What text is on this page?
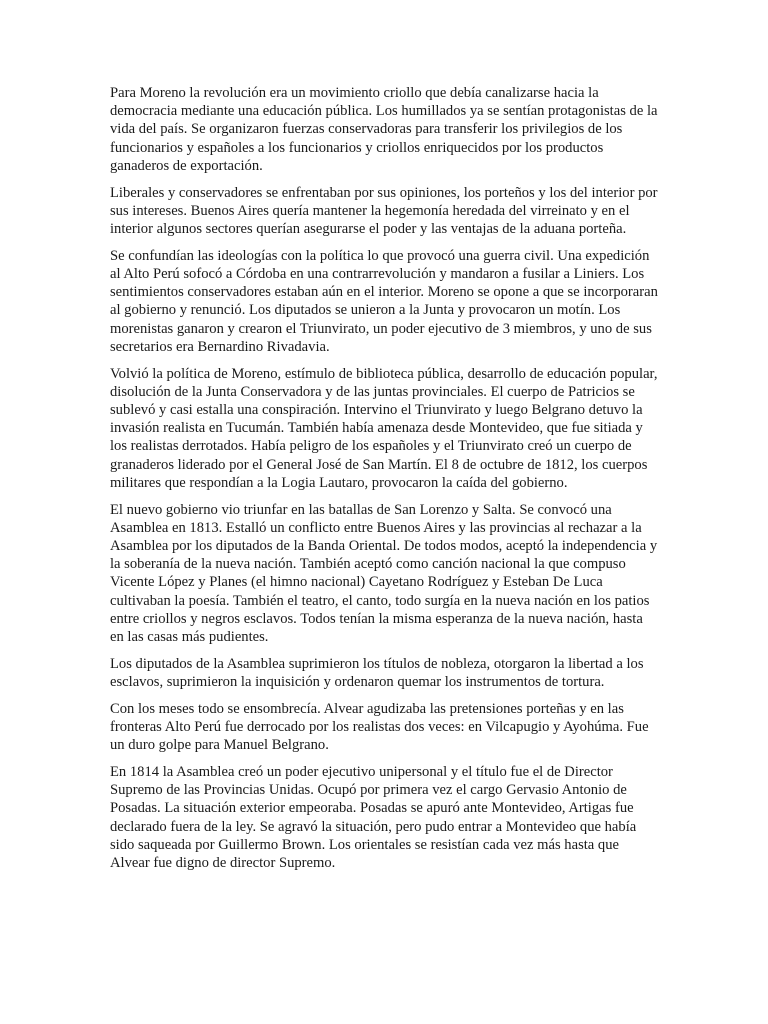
Para Moreno la revolución era un movimiento criollo que debía canalizarse hacia la democracia mediante una educación pública. Los humillados ya se sentían protagonistas de la vida del país. Se organizaron fuerzas conservadoras para transferir los privilegios de los funcionarios y españoles a los funcionarios y criollos enriquecidos por los productos ganaderos de exportación.

Liberales y conservadores se enfrentaban por sus opiniones, los porteños y los del interior por sus intereses. Buenos Aires quería mantener la hegemonía heredada del virreinato y en el interior algunos sectores querían asegurarse el poder y las ventajas de la aduana porteña.

Se confundían las ideologías con la política lo que provocó una guerra civil. Una expedición al Alto Perú sofocó a Córdoba en una contrarrevolución y mandaron a fusilar a Liniers. Los sentimientos conservadores estaban aún en el interior. Moreno se opone a que se incorporaran al gobierno y renunció. Los diputados se unieron a la Junta y provocaron un motín. Los morenistas ganaron y crearon el Triunvirato, un poder ejecutivo de 3 miembros, y uno de sus secretarios era Bernardino Rivadavia.

Volvió la política de Moreno, estímulo de biblioteca pública, desarrollo de educación popular, disolución de la Junta Conservadora y de las juntas provinciales. El cuerpo de Patricios se sublevó y casi estalla una conspiración. Intervino el Triunvirato y luego Belgrano detuvo la invasión realista en Tucumán. También había amenaza desde Montevideo, que fue sitiada y los realistas derrotados. Había peligro de los españoles y el Triunvirato creó un cuerpo de granaderos liderado por el General José de San Martín. El 8 de octubre de 1812, los cuerpos militares que respondían a la Logia Lautaro, provocaron la caída del gobierno.

El nuevo gobierno vio triunfar en las batallas de San Lorenzo y Salta. Se convocó una Asamblea en 1813. Estalló un conflicto entre Buenos Aires y las provincias al rechazar a la Asamblea por los diputados de la Banda Oriental. De todos modos, aceptó la independencia y la soberanía de la nueva nación. También aceptó como canción nacional la que compuso Vicente López y Planes (el himno nacional) Cayetano Rodríguez y Esteban De Luca cultivaban la poesía. También el teatro, el canto, todo surgía en la nueva nación en los patios entre criollos y negros esclavos. Todos tenían la misma esperanza de la nueva nación, hasta en las casas más pudientes.

Los diputados de la Asamblea suprimieron los títulos de nobleza, otorgaron la libertad a los esclavos, suprimieron la inquisición y ordenaron quemar los instrumentos de tortura.

Con los meses todo se ensombrecía. Alvear agudizaba las pretensiones porteñas y en las fronteras Alto Perú fue derrocado por los realistas dos veces: en Vilcapugio y Ayohúma. Fue un duro golpe para Manuel Belgrano.

En 1814 la Asamblea creó un poder ejecutivo unipersonal y el título fue el de Director Supremo de las Provincias Unidas. Ocupó por primera vez el cargo Gervasio Antonio de Posadas. La situación exterior empeoraba. Posadas se apuró ante Montevideo, Artigas fue declarado fuera de la ley. Se agravó la situación, pero pudo entrar a Montevideo que había sido saqueada por Guillermo Brown. Los orientales se resistían cada vez más hasta que Alvear fue digno de director Supremo.
